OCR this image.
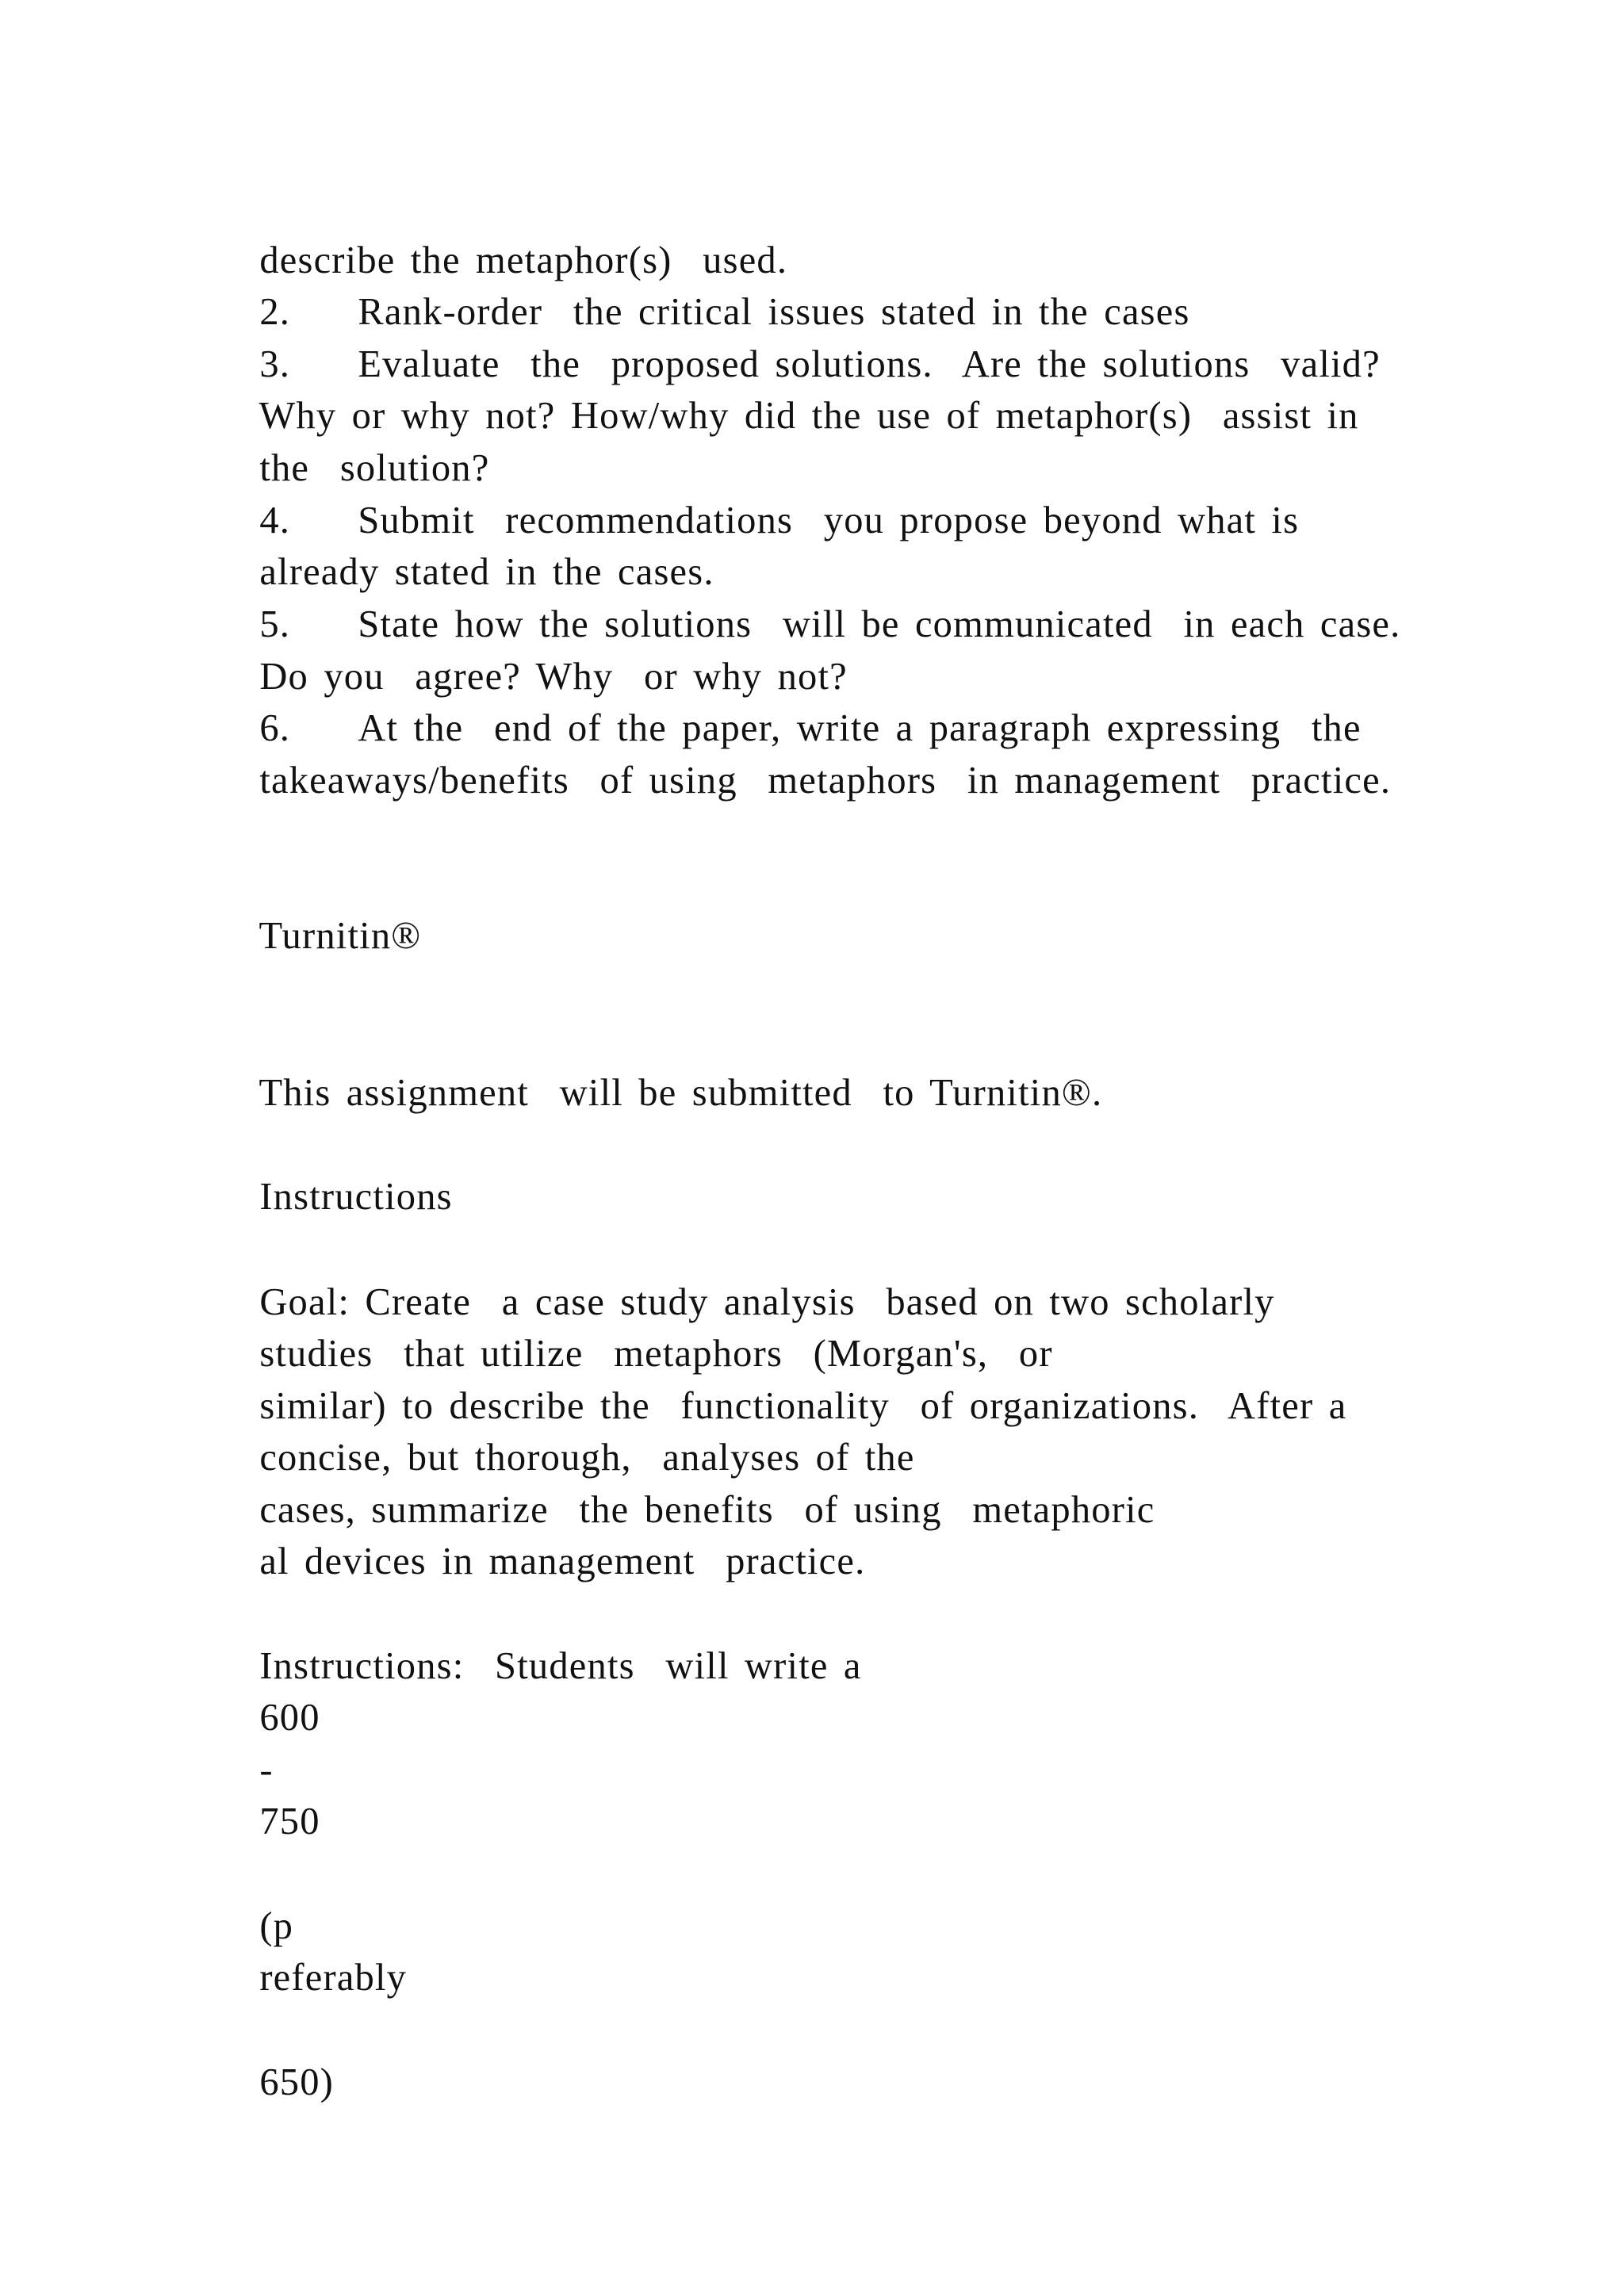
describe the metaphor(s)  used.

2. Rank-order  the critical issues stated in the cases

3. Evaluate  the  proposed solutions.  Are the solutions  valid?

Why or why not? How/why did the use of metaphor(s)  assist in

the  solution?

4. Submit  recommendations  you propose beyond what is

already stated in the cases.

5. State how the solutions  will be communicated  in each case.

Do you  agree? Why  or why not?

6. At the  end of the paper, write a paragraph expressing  the

takeaways/benefits  of using  metaphors  in management  practice.

Turnitin®

This assignment  will be submitted  to Turnitin®.

Instructions

Goal: Create  a case study analysis  based on two scholarly

studies  that utilize  metaphors  (Morgan's,  or

similar) to describe the  functionality  of organizations.  After a

concise, but thorough,  analyses of the

cases, summarize  the benefits  of using  metaphoric

al devices in management  practice.

Instructions:  Students  will write a

600

-

750

(p

referably

650)
